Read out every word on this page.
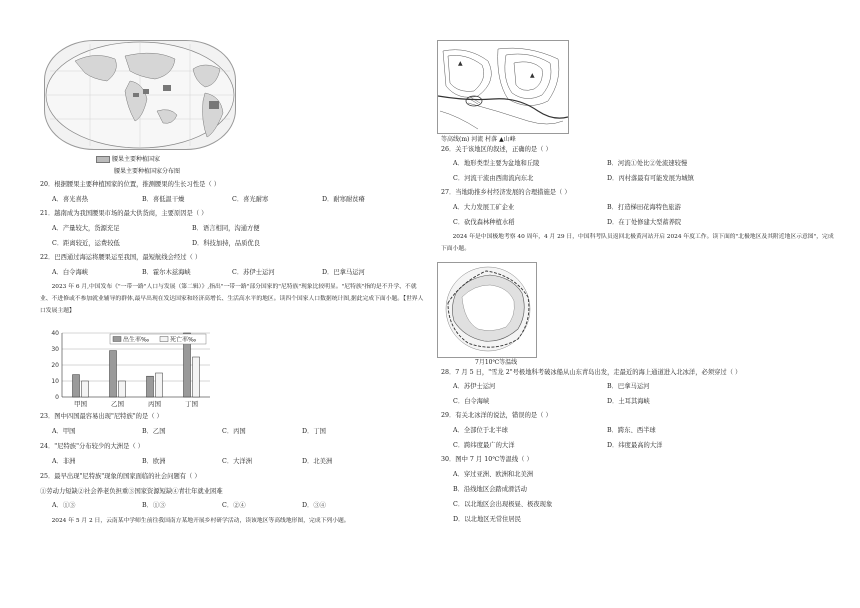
腰果主要种植国家
腰果主要种植国家分布图
20．根据腰果主要种植国家的位置，推测腰果的生长习性是（ ）
A．喜光喜热	B．喜低温干燥	C．喜光耐寒	D．耐寒耐贫瘠
21．越南成为我国腰果市场的最大供货商，主要原因是（ ）
A．产量较大，货源充足	B．语言相同，沟通方便
C．距离较近，运费较低	D．科技加持，品质优良
22．巴西通过海运将腰果运至我国，最短航线会经过（ ）
A．白令海峡	B．霍尔木兹海峡	C．苏伊士运河	D．巴拿马运河
2023 年 6 月,中国发布《"一带一路"人口与发展（第二辑）》,指出"一带一路"部分国家的"尼特族"现象比较明显。"尼特族"指的是不升学、不就业、不进修或不参加就业辅导的群体,最早出现在发达国家和经济高增长、生活高水平的地区。读四个国家人口数据统计图,据此完成下面小题。【世界人口发展主题】
40
30
20
10
0
甲国	乙国	丙国	丁国
出生率‰	死亡率‰
23．图中四国最容易出现"尼特族"的是（ ）
A．甲国	B．乙国	C．丙国	D．丁国
24．"尼特族"分布较少的大洲是（ ）
A．非洲	B．欧洲	C．大洋洲	D．北美洲
25．最早出现"尼特族"现象的国家面临的社会问题有（ ）
①劳动力短缺②社会养老负担重③国家资源短缺④青壮年就业困难
A．①③	B．①③	C．②④	D．③④
2024 年 5 月 2 日，云南某中学师生前往我国南方某地开展乡村研学活动，读该地区等高线地形图，完成下列小题。
▲
▲
等高线(m) 河流 村落 ▲山峰
26．关于该地区的叙述，正确的是（ ）
A．地形类型主要为盆地和丘陵	B．河流①处比②处流速较慢
C．河流干流由西南流向东北	D．丙村落最有可能发展为城镇
27．当地助推乡村经济发展的合理措施是（ ）
A．大力发展工矿企业	B．打造梯田花海特色旅游
C．砍伐森林种植水稻	D．在丁处修建大型蓄养院
2024 年是中国极地考察 40 周年，4 月 29 日，中国科考队员返回北极黄河站开启 2024 年度工作。读下面的"北极地区及其附近地区示意图"，完成下面小题。
7月10℃等温线
28．7 月 5 日，"雪龙 2"号极地科考破冰船从山东青岛出发，走最近的海上通道进入北冰洋，必须穿过（ ）
A．苏伊士运河	B．巴拿马运河
C．白令海峡	D．土耳其海峡
29．有关北冰洋的说法，错误的是（ ）
A．全部位于北半球	B．跨东、西半球
C．跨纬度最广的大洋	D．纬度最高的大洋
30．图中 7 月 10℃等温线（ ）
A．穿过亚洲、欧洲和北美洲
B．沿线地区会踏成滑活动
C．以北地区会出现极昼、极夜现象
D．以北地区无常住居民
